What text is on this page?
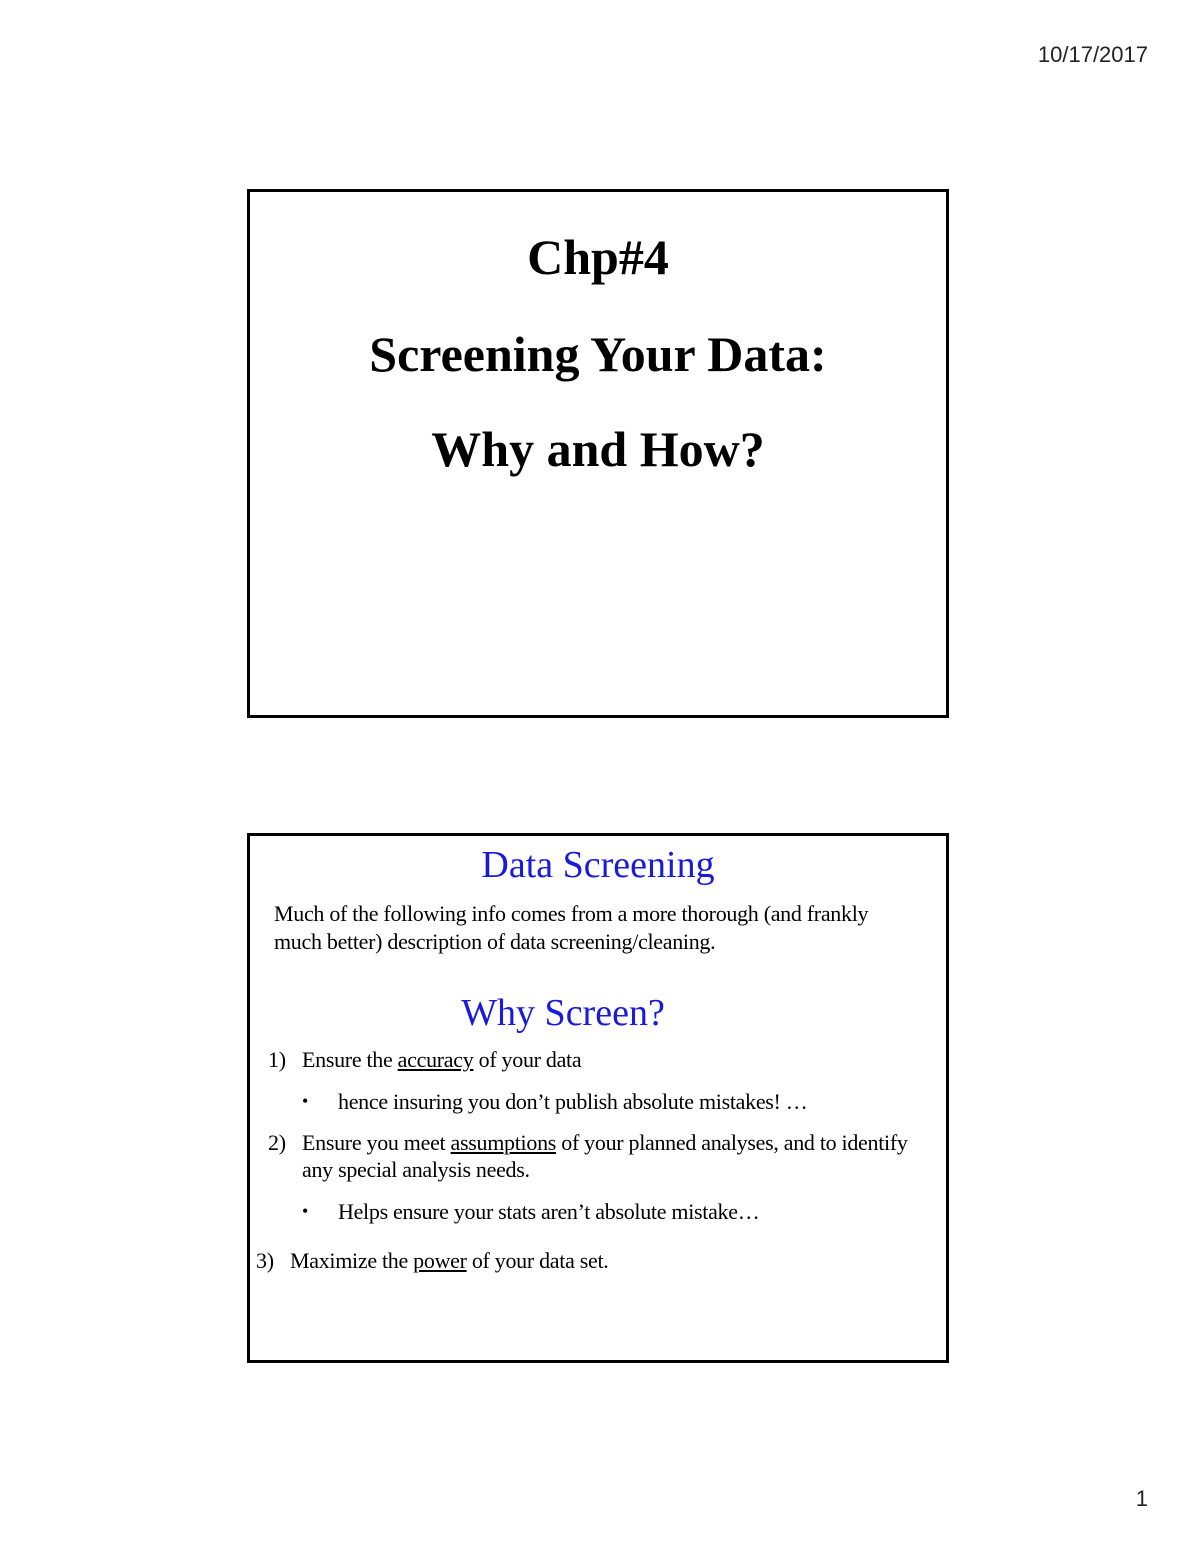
10/17/2017
Chp#4
Screening Your Data:
Why and How?
Data Screening
Much of the following info comes from a more thorough (and frankly much better) description of data screening/cleaning.
Why Screen?
1) Ensure the accuracy of your data
• hence insuring you don’t publish absolute mistakes! …
2) Ensure you meet assumptions of your planned analyses, and to identify any special analysis needs.
• Helps ensure your stats aren’t absolute mistake…
3) Maximize the power of your data set.
1
